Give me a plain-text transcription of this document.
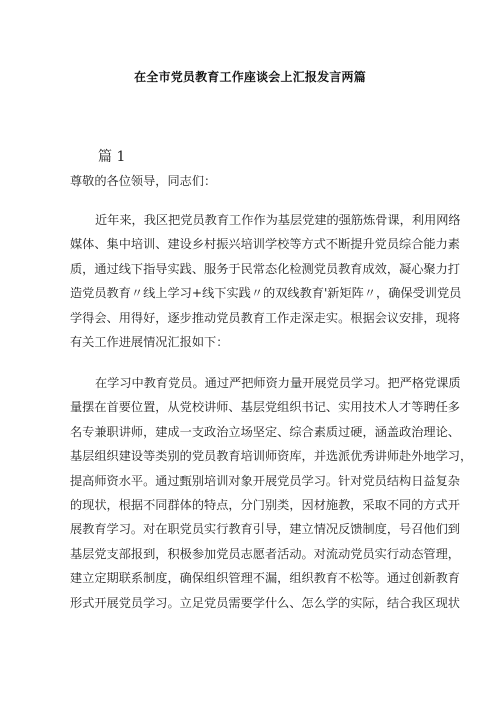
在全市党员教育工作座谈会上汇报发言两篇
篇 1
尊敬的各位领导，同志们：
近年来，我区把党员教育工作作为基层党建的强筋炼骨课，利用网络
媒体、集中培训、建设乡村振兴培训学校等方式不断提升党员综合能力素
质，通过线下指导实践、服务于民常态化检测党员教育成效，凝心聚力打
造党员教育〃线上学习+线下实践〃的双线教育'新矩阵〃，确保受训党员
学得会、用得好，逐步推动党员教育工作走深走实。根据会议安排，现将
有关工作进展情况汇报如下：
在学习中教育党员。通过严把师资力量开展党员学习。把严格党课质
量摆在首要位置，从党校讲师、基层党组织书记、实用技术人才等聘任多
名专兼职讲师，建成一支政治立场坚定、综合素质过硬，涵盖政治理论、
基层组织建设等类别的党员教育培训师资库，并选派优秀讲师赴外地学习，
提高师资水平。通过甄别培训对象开展党员学习。针对党员结构日益复杂
的现状，根据不同群体的特点，分门别类，因材施教，采取不同的方式开
展教育学习。对在职党员实行教育引导，建立情况反馈制度，号召他们到
基层党支部报到，积极参加党员志愿者活动。对流动党员实行动态管理，
建立定期联系制度，确保组织管理不漏，组织教育不松等。通过创新教育
形式开展党员学习。立足党员需要学什么、怎么学的实际，结合我区现状
